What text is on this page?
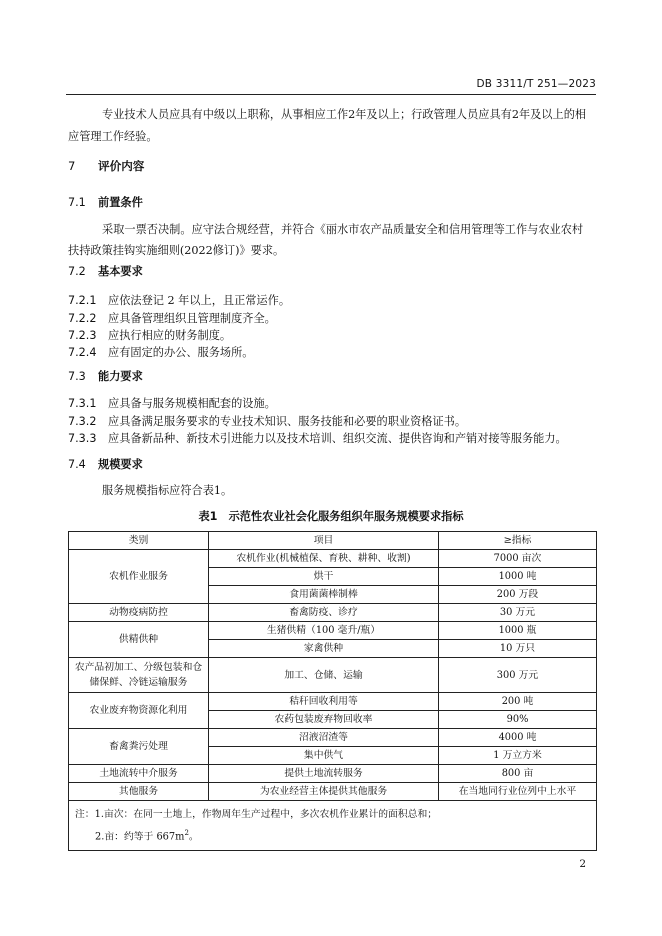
DB 3311/T 251—2023
专业技术人员应具有中级以上职称，从事相应工作2年及以上；行政管理人员应具有2年及以上的相
应管理工作经验。
7 评价内容
7.1 前置条件
采取一票否决制。应守法合规经营，并符合《丽水市农产品质量安全和信用管理等工作与农业农村
扶持政策挂钩实施细则(2022修订)》要求。
7.2 基本要求
7.2.1 应依法登记 2 年以上，且正常运作。
7.2.2 应具备管理组织且管理制度齐全。
7.2.3 应执行相应的财务制度。
7.2.4 应有固定的办公、服务场所。
7.3 能力要求
7.3.1 应具备与服务规模相配套的设施。
7.3.2 应具备满足服务要求的专业技术知识、服务技能和必要的职业资格证书。
7.3.3 应具备新品种、新技术引进能力以及技术培训、组织交流、提供咨询和产销对接等服务能力。
7.4 规模要求
服务规模指标应符合表1。
表1　示范性农业社会化服务组织年服务规模要求指标
类别	项目	≥指标
农机作业服务	农机作业(机械植保、育秧、耕种、收割)	7000 亩次
	烘干	1000 吨
	食用菌菌棒制棒	200 万段
动物疫病防控	畜禽防疫、诊疗	30 万元
供精供种	生猪供精（100 毫升/瓶）	1000 瓶
	家禽供种	10 万只

农产品初加工、分级包装和仓
储保鲜、冷链运输服务	加工、仓储、运输	300 万元
农业废弃物资源化利用	秸秆回收利用等	200 吨
	农药包装废弃物回收率	90%
畜禽粪污处理	沼液沼渣等	4000 吨
	集中供气	1 万立方米
土地流转中介服务	提供土地流转服务	800 亩
其他服务	为农业经营主体提供其他服务	在当地同行业位列中上水平

注：1.亩次：在同一土地上，作物周年生产过程中，多次农机作业累计的面积总和；
2.亩：约等于 $667m^2$。		
2
